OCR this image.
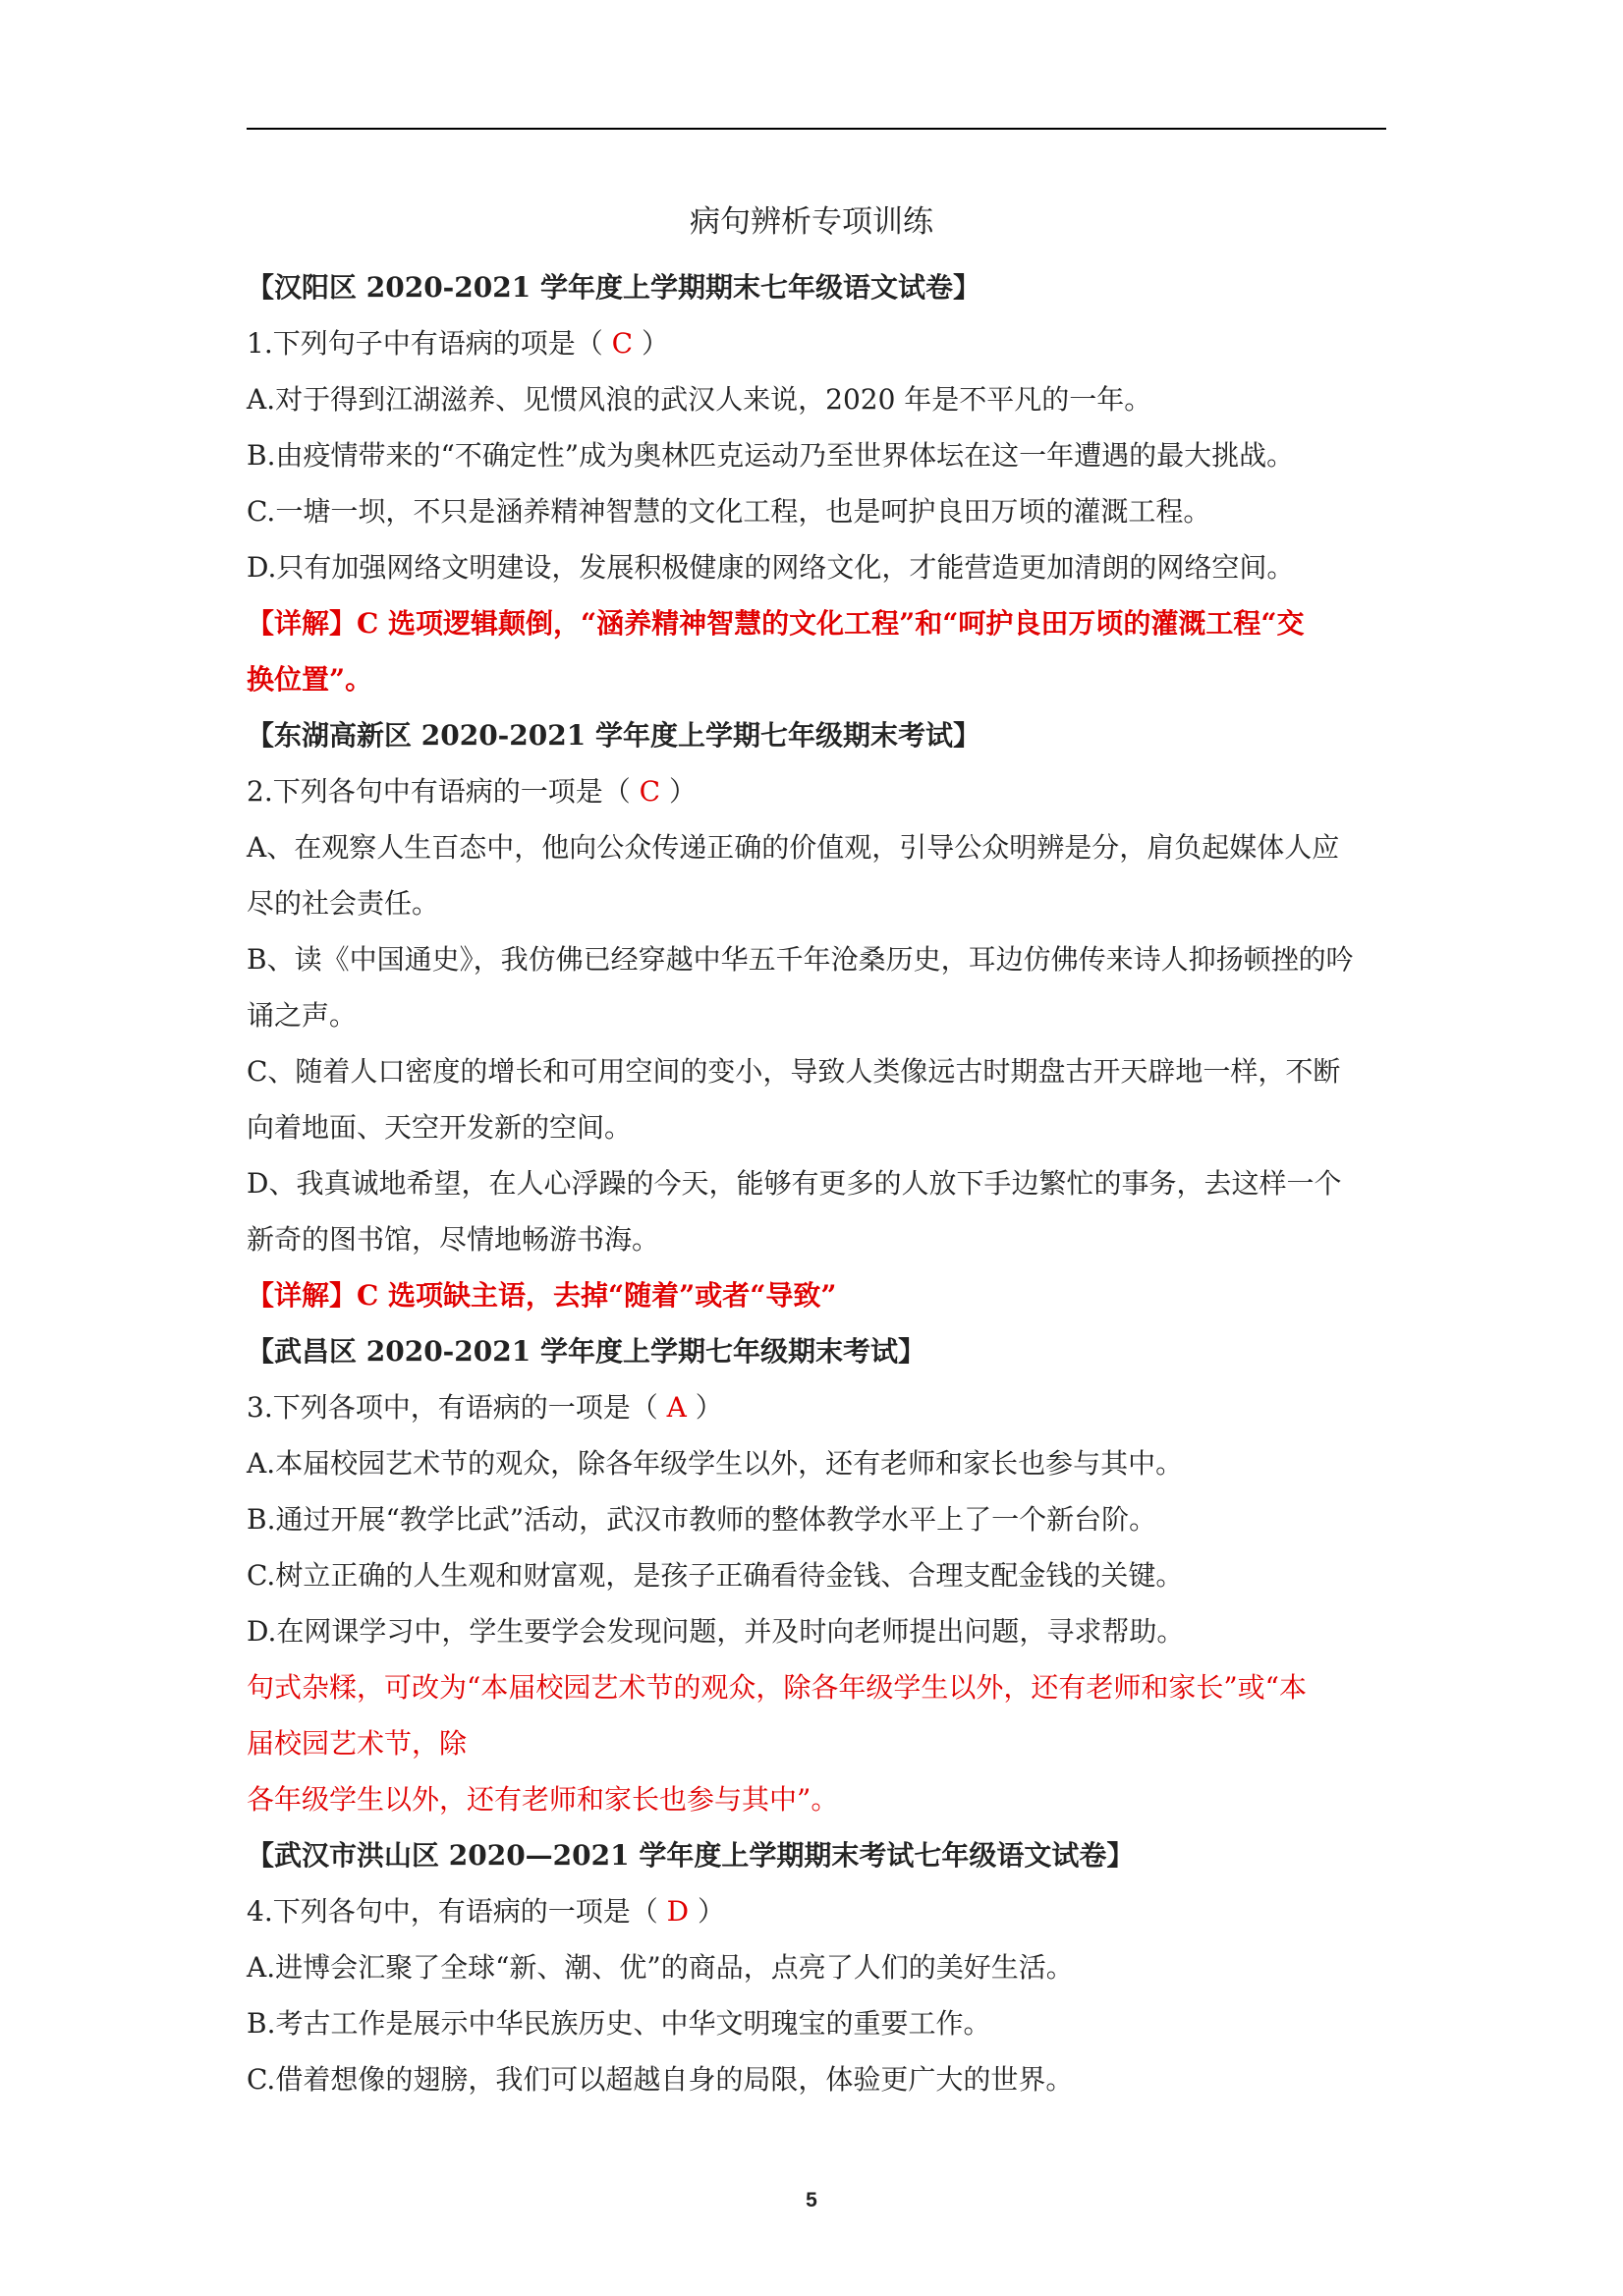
病句辨析专项训练
【汉阳区 2020-2021 学年度上学期期末七年级语文试卷】
1.下列句子中有语病的项是（ C ）
A.对于得到江湖滋养、见惯风浪的武汉人来说，2020 年是不平凡的一年。
B.由疫情带来的“不确定性”成为奥林匹克运动乃至世界体坛在这一年遭遇的最大挑战。
C.一塘一坝，不只是涵养精神智慧的文化工程，也是呵护良田万顷的灌溉工程。
D.只有加强网络文明建设，发展积极健康的网络文化，才能营造更加清朗的网络空间。
【详解】C 选项逻辑颠倒，“涵养精神智慧的文化工程”和“呵护良田万顷的灌溉工程“交
换位置”。
【东湖高新区 2020-2021 学年度上学期七年级期末考试】
2.下列各句中有语病的一项是（ C ）
A、在观察人生百态中，他向公众传递正确的价值观，引导公众明辨是分，肩负起媒体人应
尽的社会责任。
B、读《中国通史》，我仿佛已经穿越中华五千年沧桑历史，耳边仿佛传来诗人抑扬顿挫的吟
诵之声。
C、随着人口密度的增长和可用空间的变小，导致人类像远古时期盘古开天辟地一样，不断
向着地面、天空开发新的空间。
D、我真诚地希望，在人心浮躁的今天，能够有更多的人放下手边繁忙的事务，去这样一个
新奇的图书馆，尽情地畅游书海。
【详解】C 选项缺主语，去掉“随着”或者“导致”
【武昌区 2020-2021 学年度上学期七年级期末考试】
3.下列各项中，有语病的一项是（ A ）
A.本届校园艺术节的观众，除各年级学生以外，还有老师和家长也参与其中。
B.通过开展“教学比武”活动，武汉市教师的整体教学水平上了一个新台阶。
C.树立正确的人生观和财富观，是孩子正确看待金钱、合理支配金钱的关键。
D.在网课学习中，学生要学会发现问题，并及时向老师提出问题，寻求帮助。
句式杂糅，可改为“本届校园艺术节的观众，除各年级学生以外，还有老师和家长”或“本
届校园艺术节，除
各年级学生以外，还有老师和家长也参与其中”。
【武汉市洪山区 2020—2021 学年度上学期期末考试七年级语文试卷】
4.下列各句中，有语病的一项是（ D ）
A.进博会汇聚了全球“新、潮、优”的商品，点亮了人们的美好生活。
B.考古工作是展示中华民族历史、中华文明瑰宝的重要工作。
C.借着想像的翅膀，我们可以超越自身的局限，体验更广大的世界。
5
